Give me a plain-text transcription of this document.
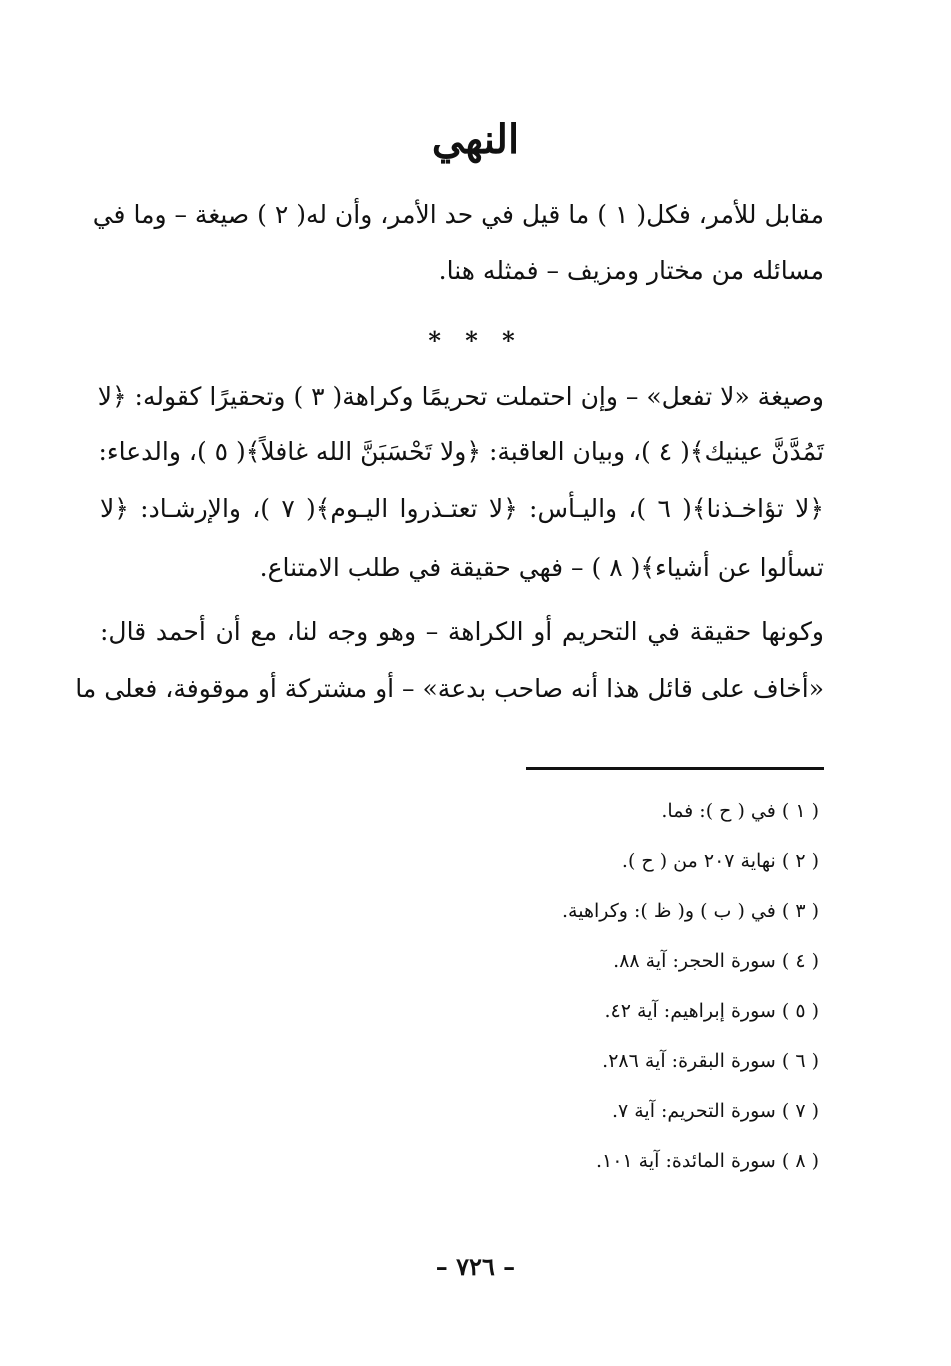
النهي
مقابل للأمر، فكل( ١ ) ما قيل في حد الأمر، وأن له( ٢ ) صيغة – وما في
مسائله من مختار ومزيف – فمثله هنا.
* * *
وصيغة «لا تفعل» – وإن احتملت تحريمًا وكراهة( ٣ ) وتحقيرًا كقوله: ﴿لا
تَمُدَّنَّ عينيك﴾( ٤ )، وبيان العاقبة: ﴿ولا تَحْسَبَنَّ الله غافلاً﴾( ٥ )، والدعاء:
﴿لا تؤاخـذنا﴾( ٦ )، واليـأس: ﴿لا تعتـذروا اليـوم﴾( ٧ )، والإرشـاد: ﴿لا
تسألوا عن أشياء﴾( ٨ ) – فهي حقيقة في طلب الامتناع.
وكونها حقيقة في التحريم أو الكراهة – وهو وجه لنا، مع أن أحمد قال:
«أخاف على قائل هذا أنه صاحب بدعة» – أو مشتركة أو موقوفة، فعلى ما
( ١ ) في ( ح ): فما.
( ٢ ) نهاية ٢٠٧ من ( ح ).
( ٣ ) في ( ب ) و( ظ ): وكراهية.
( ٤ ) سورة الحجر: آية ٨٨.
( ٥ ) سورة إبراهيم: آية ٤٢.
( ٦ ) سورة البقرة: آية ٢٨٦.
( ٧ ) سورة التحريم: آية ٧.
( ٨ ) سورة المائدة: آية ١٠١.
– ٧٢٦ –
